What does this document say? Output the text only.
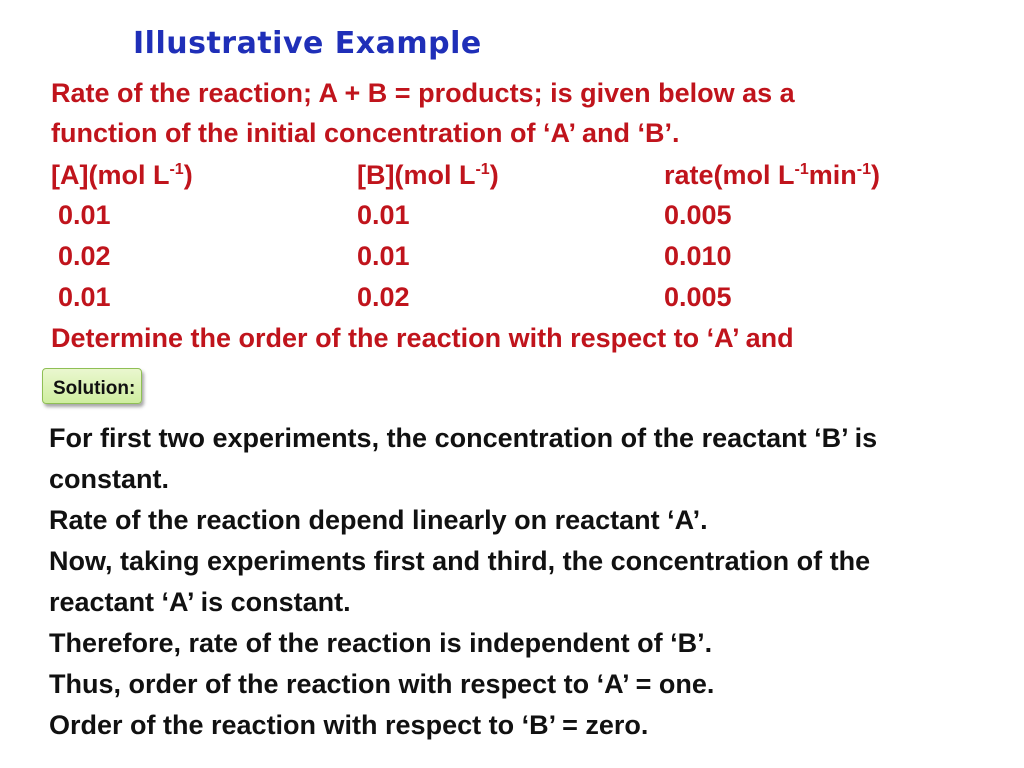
Illustrative Example
Rate of the reaction; A + B = products; is given below as a
function of the initial concentration of ‘A’ and ‘B’.
[A](mol $L^{-1}$)	[B](mol $L^{-1}$)	rate(mol $L^{-1}\min^{-1}$)
0.01	0.01	0.005
0.02	0.01	0.010
0.01	0.02	0.005
Determine the order of the reaction with respect to ‘A’ and
Solution:
For first two experiments, the concentration of the reactant ‘B’ is
constant.
Rate of the reaction depend linearly on reactant ‘A’.
Now, taking experiments first and third, the concentration of the
reactant ‘A’ is constant.
Therefore, rate of the reaction is independent of ‘B’.
Thus, order of the reaction with respect to ‘A’ = one.
Order of the reaction with respect to ‘B’ = zero.
